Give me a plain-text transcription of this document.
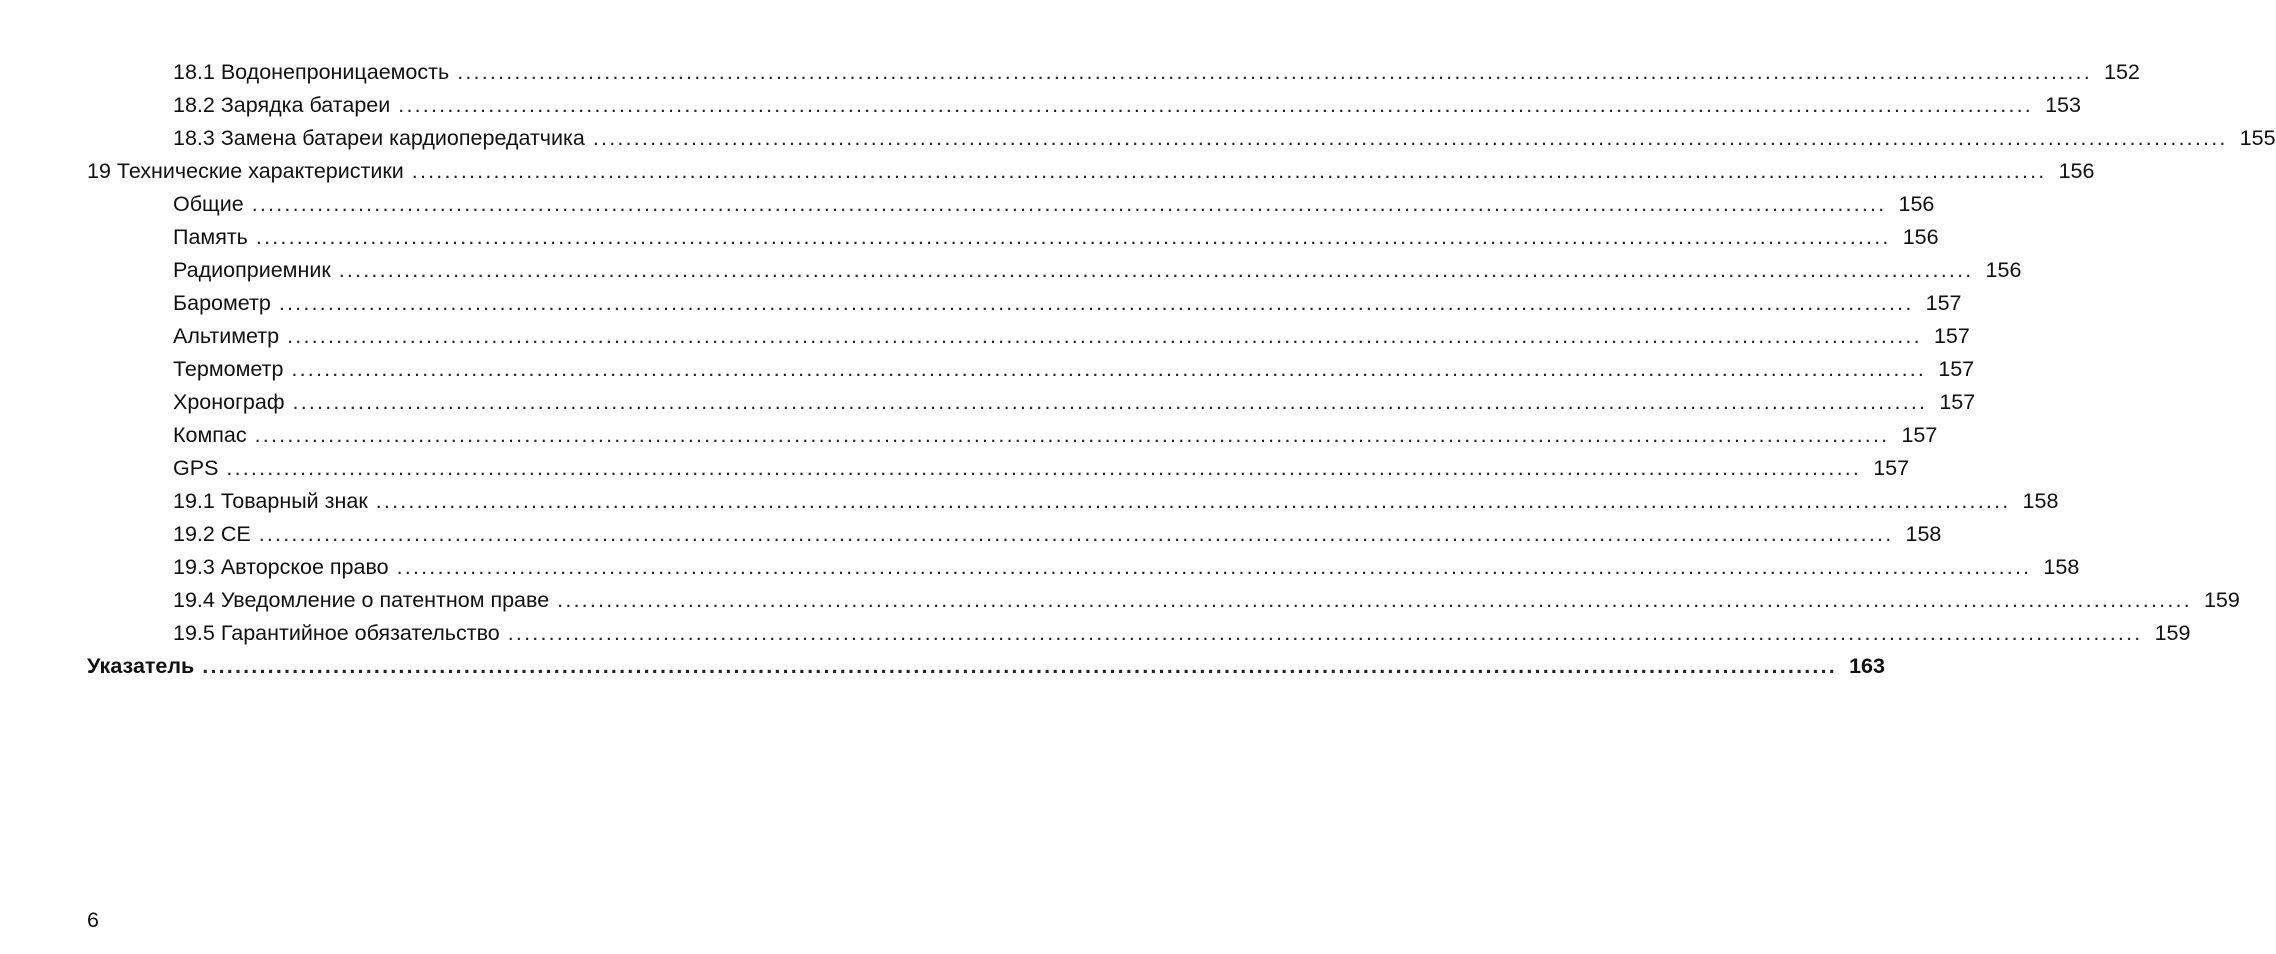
18.1 Водонепроницаемость ........................................................................................................................................................................................................ 152
18.2 Зарядка батареи ........................................................................................................................................................................................................ 153
18.3 Замена батареи кардиопередатчика ........................................................................................................................................................................................................ 155
19 Технические характеристики ........................................................................................................................................................................................................ 156
Общие ........................................................................................................................................................................................................ 156
Память ........................................................................................................................................................................................................ 156
Радиоприемник ........................................................................................................................................................................................................ 156
Барометр ........................................................................................................................................................................................................ 157
Альтиметр ........................................................................................................................................................................................................ 157
Термометр ........................................................................................................................................................................................................ 157
Хронограф ........................................................................................................................................................................................................ 157
Компас ........................................................................................................................................................................................................ 157
GPS ........................................................................................................................................................................................................ 157
19.1 Товарный знак ........................................................................................................................................................................................................ 158
19.2 CE ........................................................................................................................................................................................................ 158
19.3 Авторское право ........................................................................................................................................................................................................ 158
19.4 Уведомление о патентном праве ........................................................................................................................................................................................................ 159
19.5 Гарантийное обязательство ........................................................................................................................................................................................................ 159
Указатель ........................................................................................................................................................................................................ 163
6
